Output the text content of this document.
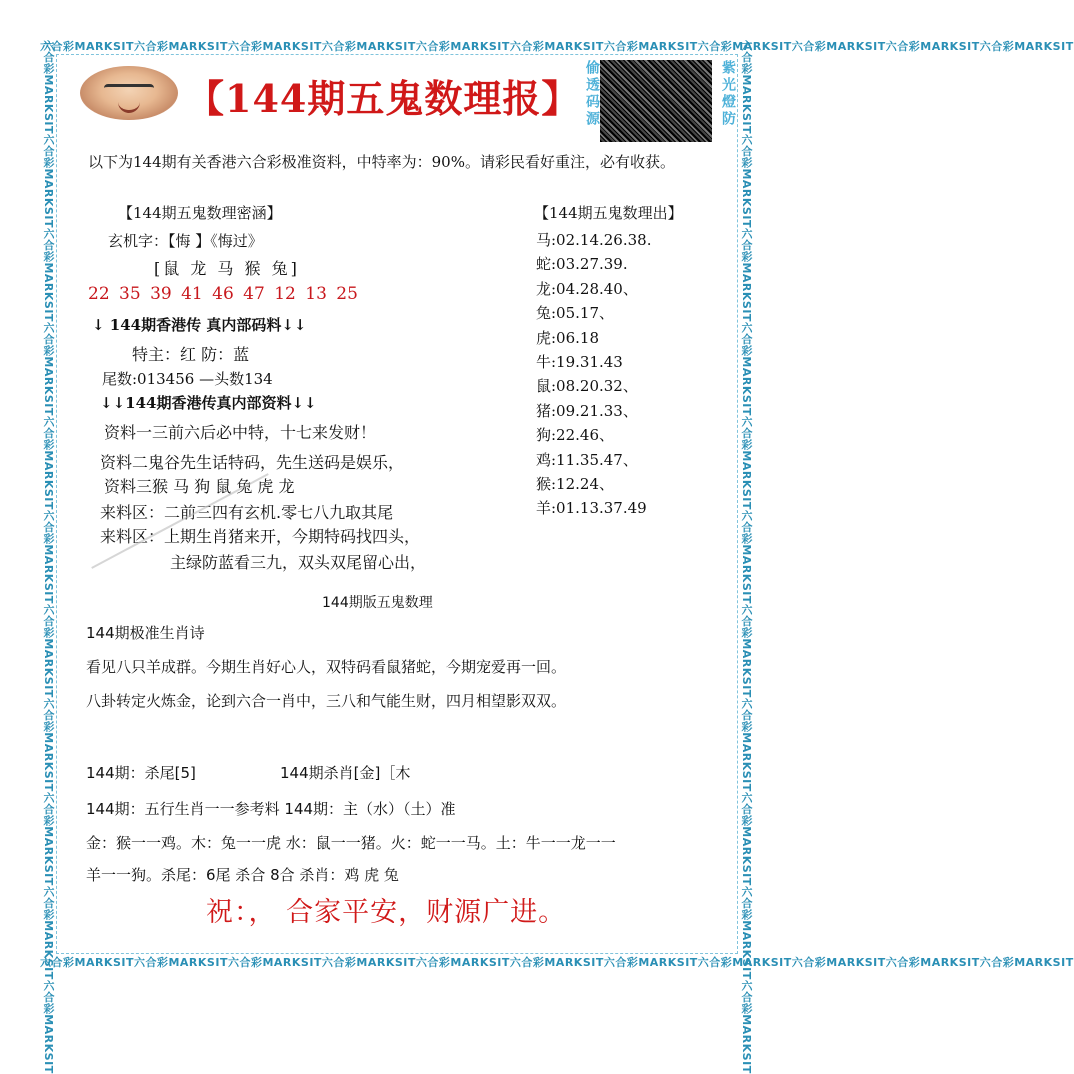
六合彩MARKSIT六合彩MARKSIT六合彩MARKSIT六合彩MARKSIT六合彩MARKSIT六合彩MARKSIT六合彩MARKSIT六合彩MARKSIT六合彩MARKSIT六合彩MARKSIT六合彩MARKSIT
六合彩MARKSIT六合彩MARKSIT六合彩MARKSIT六合彩MARKSIT六合彩MARKSIT六合彩MARKSIT六合彩MARKSIT六合彩MARKSIT六合彩MARKSIT六合彩MARKSIT六合彩MARKSIT
六合彩MARKSIT六合彩MARKSIT六合彩MARKSIT六合彩MARKSIT六合彩MARKSIT六合彩MARKSIT六合彩MARKSIT六合彩MARKSIT六合彩MARKSIT六合彩MARKSIT六合彩MARKSIT	六合彩MARKSIT六合彩MARKSIT六合彩MARKSIT六合彩MARKSIT六合彩MARKSIT六合彩MARKSIT六合彩MARKSIT六合彩MARKSIT六合彩MARKSIT六合彩MARKSIT六合彩MARKSIT
【144期五鬼数理报】 偷透码源	紫光燈防
以下为144期有关香港六合彩极准资料，中特率为：90%。请彩民看好重注，必有收获。
【144期五鬼数理密涵】
玄机字：【悔 】《悔过》
[鼠 龙 马 猴 兔]
22 35 39 41 46 47 12 13 25
↓ 144期香港传 真内部码料↓↓
特主：红 防：蓝
尾数:013456 —头数134
↓↓144期香港传真内部资料↓↓
资料一三前六后必中特，十七来发财！
资料二鬼谷先生话特码，先生送码是娱乐，
资料三猴 马 狗 鼠 兔 虎 龙
来料区：二前三四有玄机.零七八九取其尾
来料区：上期生肖猪来开，今期特码找四头，
主绿防蓝看三九，双头双尾留心出，
【144期五鬼数理出】
马:02.14.26.38.
蛇:03.27.39.
龙:04.28.40、
兔:05.17、
虎:06.18
牛:19.31.43
鼠:08.20.32、
猪:09.21.33、
狗:22.46、
鸡:11.35.47、
猴:12.24、
羊:01.13.37.49
144期版五鬼数理
144期极准生肖诗
看见八只羊成群。今期生肖好心人，双特码看鼠猪蛇，今期宠爱再一回。
八卦转定火炼金，论到六合一肖中，三八和气能生财，四月相望影双双。
144期：杀尾[5]	144期杀肖[金]［木
144期：五行生肖一一参考料 144期：主（水）（土）准
金：猴一一鸡。木：兔一一虎 水：鼠一一猪。火：蛇一一马。土：牛一一龙一一
羊一一狗。杀尾：6尾 杀合 8合 杀肖：鸡 虎 兔
祝：， 合家平安，财源广进。
